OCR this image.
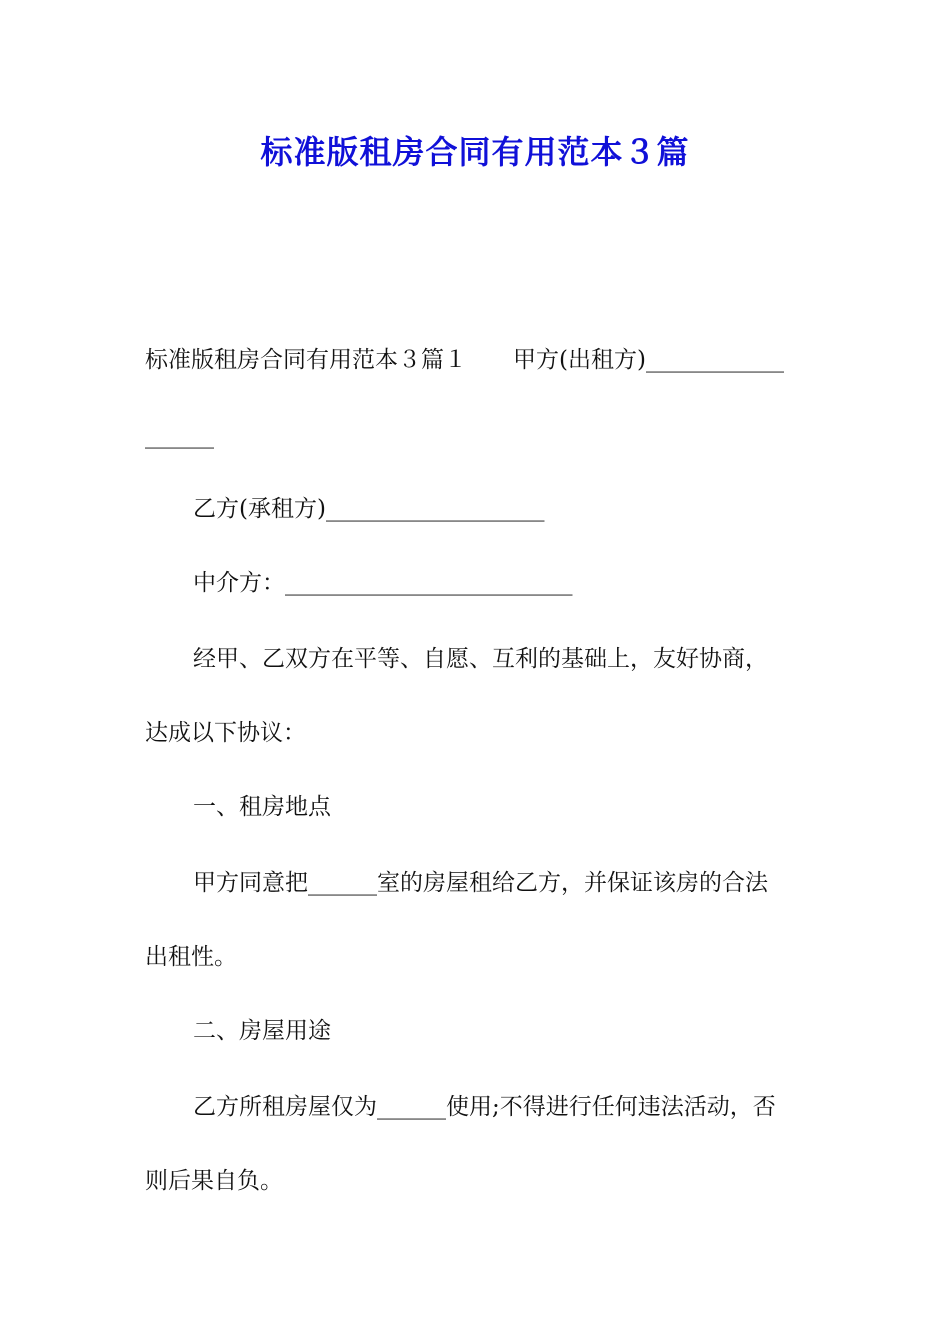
标准版租房合同有用范本３篇
标准版租房合同有用范本３篇１　　甲方(出租方)____________
______
乙方(承租方)___________________
中介方：_________________________
经甲、乙双方在平等、自愿、互利的基础上，友好协商，
达成以下协议：
一、租房地点
甲方同意把______室的房屋租给乙方，并保证该房的合法
出租性。
二、房屋用途
乙方所租房屋仅为______使用;不得进行任何违法活动，否
则后果自负。
